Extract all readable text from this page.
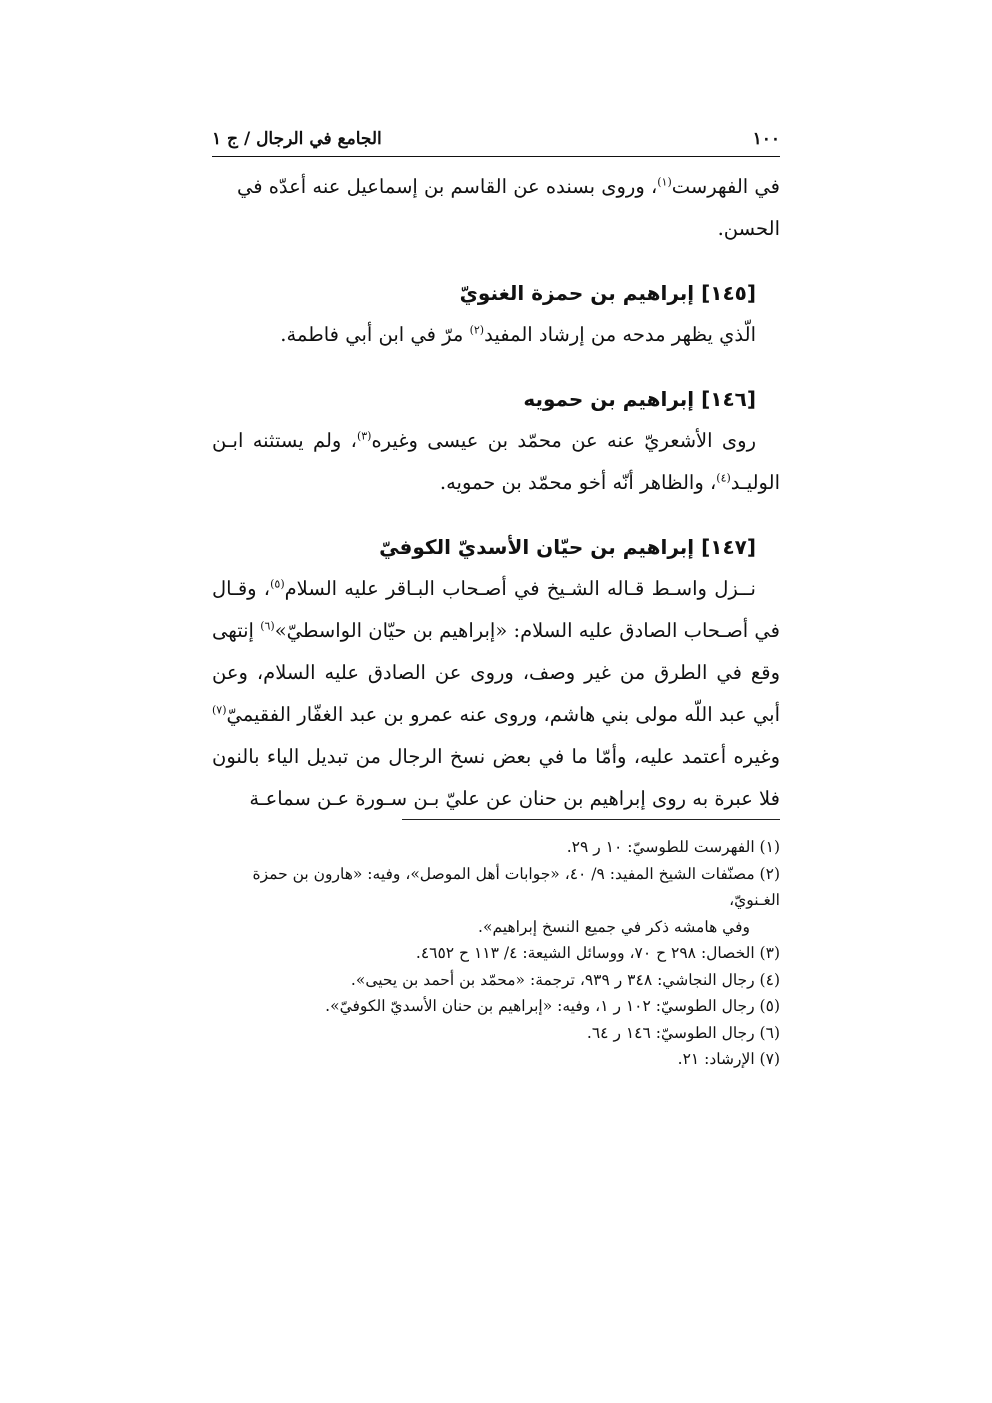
الجامع في الرجال / ج ١	١٠٠

في الفهرست$^{(١)}$، وروى بسنده عن القاسم بن إسماعيل عنه أعدّه في الحسن.

[١٤٥] إبراهيم بن حمزة الغنويّ

الّذي يظهر مدحه من إرشاد المفيد$^{(٢)}$ مرّ في ابن أبي فاطمة.

[١٤٦] إبراهيم بن حمويه

روى الأشعريّ عنه عن محمّد بن عيسى وغيره$^{(٣)}$، ولم يستثنه ابـن الوليـد$^{(٤)}$، والظاهر أنّه أخو محمّد بن حمويه.

[١٤٧] إبراهيم بن حيّان الأسديّ الكوفيّ

نــزل واسـط قـاله الشـيخ في أصـحاب البـاقر عليه السلام$^{(٥)}$، وقـال في أصـحاب الصادق عليه السلام: «إبراهيم بن حيّان الواسطيّ»$^{(٦)}$ إنتهى وقع في الطرق من غير وصف، وروى عن الصادق عليه السلام، وعن أبي عبد اللّه مولى بني هاشم، وروى عنه عمرو بن عبد الغفّار الفقيميّ$^{(٧)}$ وغيره أعتمد عليه، وأمّا ما في بعض نسخ الرجال من تبديل الياء بالنون فلا عبرة به روى إبراهيم بن حنان عن عليّ بـن سـورة عـن سماعـة

(١) الفهرست للطوسيّ: ١٠ ر ٢٩.

(٢) مصنّفات الشيخ المفيد: ٩/ ٤٠، «جوابات أهل الموصل»، وفيه: «هارون بن حمزة الغـنويّ،

وفي هامشه ذكر في جميع النسخ إبراهيم».

(٣) الخصال: ٢٩٨ ح ٧٠، ووسائل الشيعة: ٤/ ١١٣ ح ٤٦٥٢.

(٤) رجال النجاشي: ٣٤٨ ر ٩٣٩، ترجمة: «محمّد بن أحمد بن يحيى».

(٥) رجال الطوسيّ: ١٠٢ ر ١، وفيه: «إبراهيم بن حنان الأسديّ الكوفيّ».

(٦) رجال الطوسيّ: ١٤٦ ر ٦٤.

(٧) الإرشاد: ٢١.
